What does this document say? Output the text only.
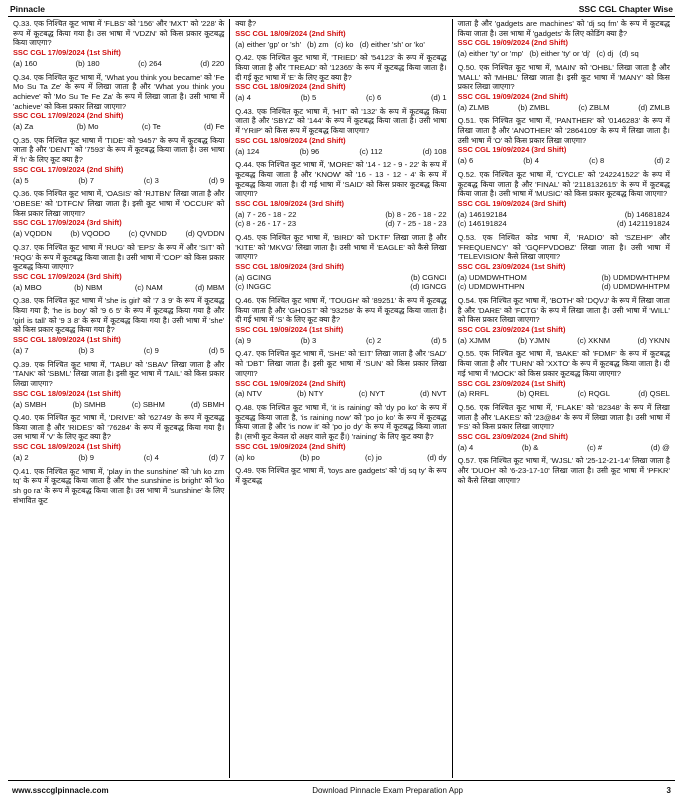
Pinnacle	SSC CGL Chapter Wise

Q.33. एक निश्चित कूट भाषा में 'FLBS' को '156' और 'MXT' को '228' के रूप में कूटबद्ध किया गया है। उस भाषा में 'VDZN' को किस प्रकार कूटबद्ध किया जाएगा?

SSC CGL 17/09/2024 (1st Shift)

(a) 160	(b) 180	(c) 264	(d) 220

Q.34. एक निश्चित कूट भाषा में, 'What you think you became' को 'Fe Mo Su Ta Ze' के रूप में लिखा जाता है और 'What you think you achieve' को 'Mo Su Te Fe Za' के रूप में लिखा जाता है। उसी भाषा में 'achieve' को किस प्रकार लिखा जाएगा?

SSC CGL 17/09/2024 (2nd Shift)

(a) Za	(b) Mo	(c) Te	(d) Fe

Q.35. एक निश्चित कूट भाषा में 'TIDE' को '9457' के रूप में कूटबद्ध किया जाता है और 'DENT' को '7593' के रूप में कूटबद्ध किया जाता है। उस भाषा में 'h' के लिए कूट क्या है?

SSC CGL 17/09/2024 (2nd Shift)

(a) 5	(b) 7	(c) 3	(d) 9

Q.36. एक निश्चित कूट भाषा में, 'OASIS' को 'RJTBN' लिखा जाता है और 'OBESE' को 'DTFCN' लिखा जाता है। इसी कूट भाषा में 'OCCUR' को किस प्रकार लिखा जाएगा?

SSC CGL 17/09/2024 (3rd Shift)

(a) VQDDN (b) VQODO (c) QVNDD (d) QVDDN

Q.37. एक निश्चित कूट भाषा में 'RUG' को 'EPS' के रूप में और 'SIT' को 'RQG' के रूप में कूटबद्ध किया जाता है। उसी भाषा में 'COP' को किस प्रकार कूटबद्ध किया जाएगा?

SSC CGL 17/09/2024 (3rd Shift)

(a) MBO	(b) NBM	(c) NAM	(d) MBM

Q.38. एक निश्चित कूट भाषा में 'she is girl' को '7 3 9' के रूप में कूटबद्ध किया गया है; 'he is boy' को '9 6 5' के रूप में कूटबद्ध किया गया है और 'girl is tall' को '9 3 8' के रूप में कूटबद्ध किया गया है। उसी भाषा में 'she' को किस प्रकार कूटबद्ध किया गया है?

SSC CGL 18/09/2024 (1st Shift)

(a) 7	(b) 3	(c) 9	(d) 5

Q.39. एक निश्चित कूट भाषा में, 'TABU' को 'SBAV' लिखा जाता है और 'TANK' को 'SBML' लिखा जाता है। इसी कूट भाषा में 'TAIL' को किस प्रकार लिखा जाएगा?

SSC CGL 18/09/2024 (1st Shift)

(a) SMBH	(b) SMHB	(c) SBHM	(d) SBMH

Q.40. एक निश्चित कूट भाषा में, 'DRIVE' को '62749' के रूप में कूटबद्ध किया जाता है और 'RIDES' को '76284' के रूप में कूटबद्ध किया गया है। उस भाषा में 'V' के लिए कूट क्या है?

SSC CGL 18/09/2024 (1st Shift)

(a) 2	(b) 9	(c) 4	(d) 7

Q.41. एक निश्चित कूट भाषा में, 'play in the sunshine' को 'uh ko zm tq' के रूप में कूटबद्ध किया जाता है और 'the sunshine is bright' को 'ko sh go ra' के रूप में कूटबद्ध किया जाता है। उस भाषा में 'sunshine' के लिए संभावित कूट

क्या है?

SSC CGL 18/09/2024 (2nd Shift)

(a) either 'gp' or 'sh' (b) zm (c) ko (d) either 'sh' or 'ko'

Q.42. एक निश्चित कूट भाषा में, 'TRIED' को '54123' के रूप में कूटबद्ध किया जाता है और 'TREAD' को '12365' के रूप में कूटबद्ध किया जाता है। दी गई कूट भाषा में 'E' के लिए कूट क्या है?

SSC CGL 18/09/2024 (2nd Shift)

(a) 4	(b) 5	(c) 6	(d) 1

Q.43. एक निश्चित कूट भाषा में, 'HIT' को '132' के रूप में कूटबद्ध किया जाता है और 'SBYZ' को '144' के रूप में कूटबद्ध किया जाता है। उसी भाषा में 'YRIP' को किस रूप में कूटबद्ध किया जाएगा?

SSC CGL 18/09/2024 (2nd Shift)

(a) 124	(b) 96	(c) 112	(d) 108

Q.44. एक निश्चित कूट भाषा में, 'MORE' को '14 - 12 - 9 - 22' के रूप में कूटबद्ध किया जाता है और 'KNOW' को '16 - 13 - 12 - 4' के रूप में कूटबद्ध किया जाता है। दी गई भाषा में 'SAID' को किस प्रकार कूटबद्ध किया जाएगा?

SSC CGL 18/09/2024 (3rd Shift)

(a) 7 - 26 - 18 - 22	(b) 8 - 26 - 18 - 22

(c) 8 - 26 - 17 - 23	(d) 7 - 25 - 18 - 23

Q.45. एक निश्चित कूट भाषा में, 'BIRD' को 'DKTF' लिखा जाता है और 'KITE' को 'MKVG' लिखा जाता है। उसी भाषा में 'EAGLE' को कैसे लिखा जाएगा?

SSC CGL 18/09/2024 (3rd Shift)

(a) GCING	(b) CGNCI

(c) INGGC	(d) IGNCG

Q.46. एक निश्चित कूट भाषा में, 'TOUGH' को '89251' के रूप में कूटबद्ध किया जाता है और 'GHOST' को '93258' के रूप में कूटबद्ध किया जाता है। दी गई भाषा में 'S' के लिए कूट क्या है?

SSC CGL 19/09/2024 (1st Shift)

(a) 9	(b) 3	(c) 2	(d) 5

Q.47. एक निश्चित कूट भाषा में, 'SHE' को 'EIT' लिखा जाता है और 'SAD' को 'DBT' लिखा जाता है। इसी कूट भाषा में 'SUN' को किस प्रकार लिखा जाएगा?

SSC CGL 19/09/2024 (2nd Shift)

(a) NTV	(b) NTY	(c) NYT	(d) NVT

Q.48. एक निश्चित कूट भाषा में, 'it is raining' को 'dy po ko' के रूप में कूटबद्ध किया जाता है, 'is raining now' को 'po jo ko' के रूप में कूटबद्ध किया जाता है और 'is now it' को 'po jo dy' के रूप में कूटबद्ध किया जाता है। (सभी कूट केवल दो अक्षर वाले कूट हैं।) 'raining' के लिए कूट क्या है?

SSC CGL 19/09/2024 (2nd Shift)

(a) ko	(b) po	(c) jo	(d) dy

Q.49. एक निश्चित कूट भाषा में, 'toys are gadgets' को 'dj sq ty' के रूप में कूटबद्ध

जाता है और 'gadgets are machines' को 'dj sq fm' के रूप में कूटबद्ध किया जाता है। उस भाषा में 'gadgets' के लिए कोडिंग क्या है?

SSC CGL 19/09/2024 (2nd Shift)

(a) either 'ty' or 'mp' (b) either 'ty' or 'dj' (c) dj (d) sq

Q.50. एक निश्चित कूट भाषा में, 'MAIN' को 'OHBL' लिखा जाता है और 'MALL' को 'MHBL' लिखा जाता है। इसी कूट भाषा में 'MANY' को किस प्रकार लिखा जाएगा?

SSC CGL 19/09/2024 (2nd Shift)

(a) ZLMB	(b) ZMBL	(c) ZBLM	(d) ZMLB

Q.51. एक निश्चित कूट भाषा में, 'PANTHER' को '0146283' के रूप में लिखा जाता है और 'ANOTHER' को '2864109' के रूप में लिखा जाता है। उसी भाषा में 'O' को किस प्रकार लिखा जाएगा?

SSC CGL 19/09/2024 (3rd Shift)

(a) 6	(b) 4	(c) 8	(d) 2

Q.52. एक निश्चित कूट भाषा में, 'CYCLE' को '242241522' के रूप में कूटबद्ध किया जाता है और 'FINAL' को '2118132615' के रूप में कूटबद्ध किया जाता है। उसी भाषा में 'MUSIC' को किस प्रकार कूटबद्ध किया जाएगा?

SSC CGL 19/09/2024 (3rd Shift)

(a) 146192184	(b) 14681824

(c) 146191824	(d) 1421191824

Q.53. एक निश्चित कोड भाषा में, 'RADIO' को 'SZEHP' और 'FREQUENCY' को 'GQFPVDOBZ' लिखा जाता है। उसी भाषा में 'TELEVISION' कैसे लिखा जाएगा?

SSC CGL 23/09/2024 (1st Shift)

(a) UDMDWHTHOM	(b) UDMDWHTHPM

(c) UDMDWHTHPN	(d) UDMDWHHTPM

Q.54. एक निश्चित कूट भाषा में, 'BOTH' को 'DQVJ' के रूप में लिखा जाता है और 'DARE' को 'FCTG' के रूप में लिखा जाता है। उसी भाषा में 'WILL' को किस प्रकार लिखा जाएगा?

SSC CGL 23/09/2024 (1st Shift)

(a) XJMM	(b) YJMN	(c) XKNM	(d) YKNN

Q.55. एक निश्चित कूट भाषा में, 'BAKE' को 'FDMF' के रूप में कूटबद्ध किया जाता है और 'TURN' को 'XXTO' के रूप में कूटबद्ध किया जाता है। दी गई भाषा में 'MOCK' को किस प्रकार कूटबद्ध किया जाएगा?

SSC CGL 23/09/2024 (1st Shift)

(a) RRFL	(b) QREL	(c) RQGL	(d) QSEL

Q.56. एक निश्चित कूट भाषा में, 'FLAKE' को '82348' के रूप में लिखा जाता है और 'LAKES' को '23@84' के रूप में लिखा जाता है। उसी भाषा में 'FS' को किस प्रकार लिखा जाएगा?

SSC CGL 23/09/2024 (2nd Shift)

(a) 4	(b) &	(c) #	(d) @

Q.57. एक निश्चित कूट भाषा में, 'WJSL' को '25-12-21-14' लिखा जाता है और 'DUOH' को '6-23-17-10' लिखा जाता है। उसी कूट भाषा में 'PFKR' को कैसे लिखा जाएगा?

www.ssccglpinnacle.com	Download Pinnacle Exam Preparation App	3
